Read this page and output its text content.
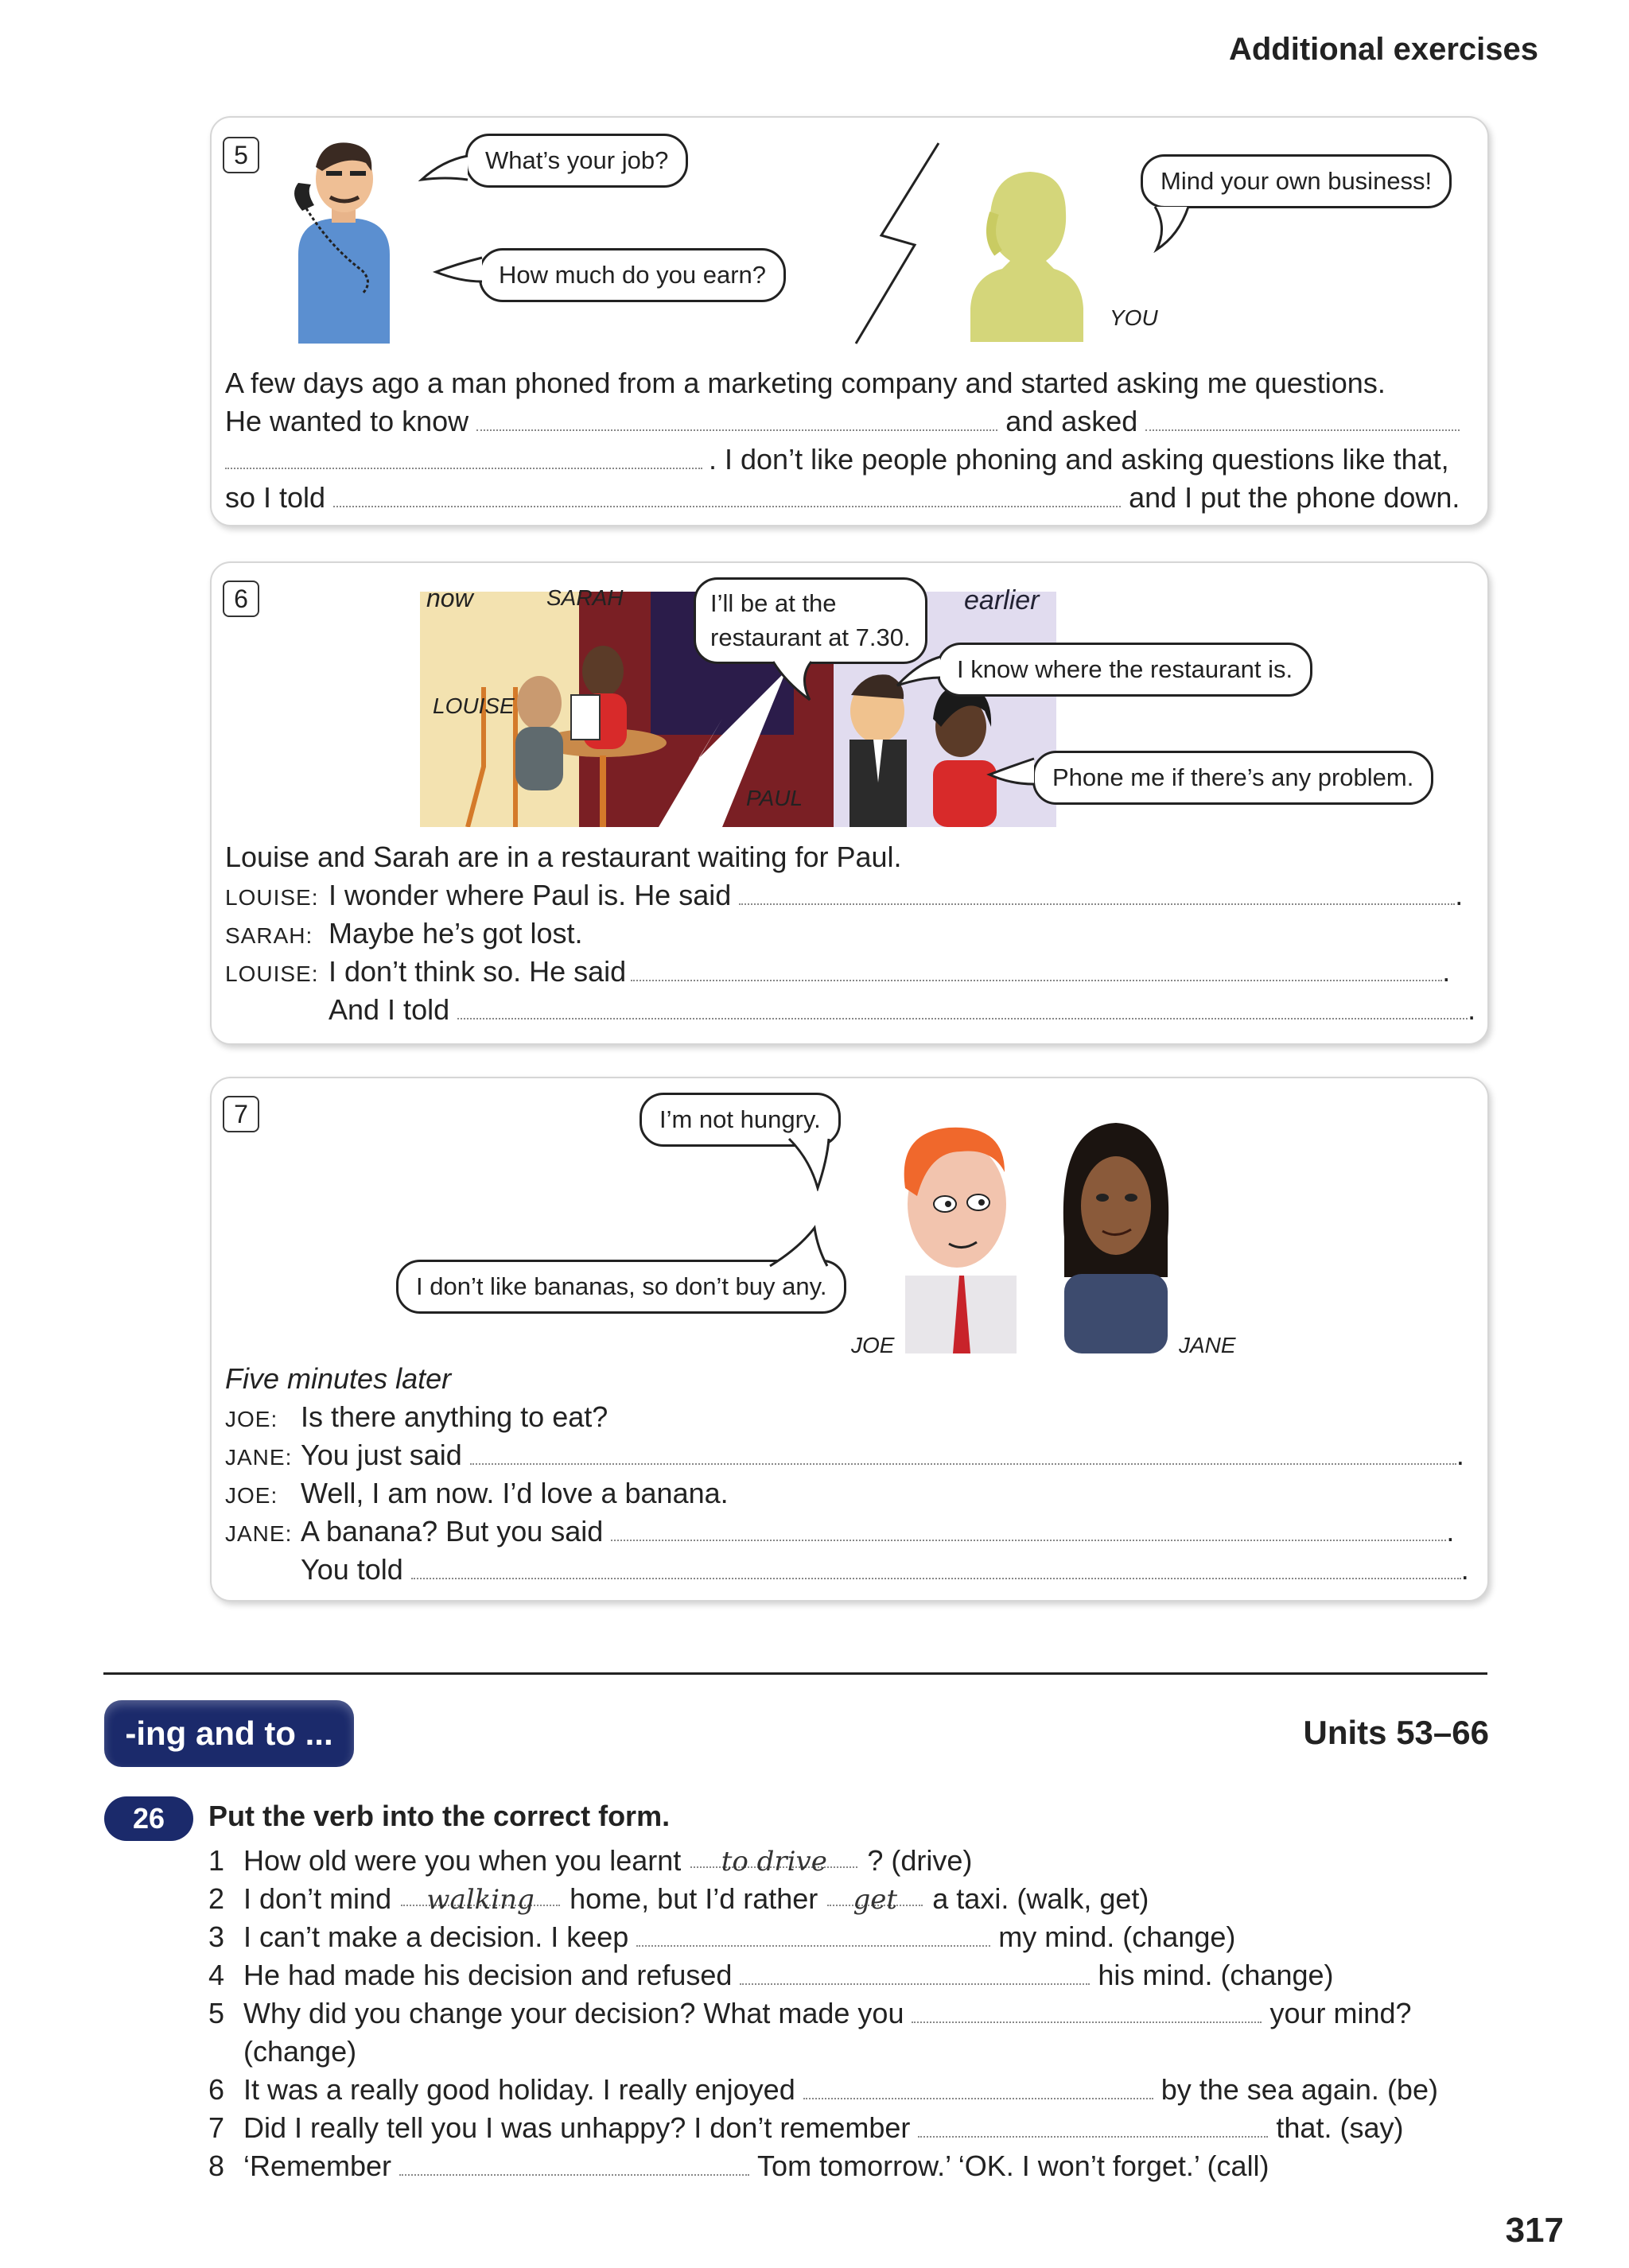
Additional exercises
5	What’s your job?
How much do you earn?
YOU
Mind your own business!
A few days ago a man phoned from a marketing company and started asking me questions.
He wanted to know	and asked
. I don’t like people phoning and asking questions like that,
so I told	and I put the phone down.
6	now	SARAH
LOUISE
PAUL
earlier
I’ll be at the
restaurant at 7.30.
I know where the restaurant is.
Phone me if there’s any problem.
Louise and Sarah are in a restaurant waiting for Paul.
LOUISE: I wonder where Paul is. He said	.
SARAH: Maybe he’s got lost.
LOUISE: I don’t think so. He said	.
And I told	.
7	I’m not hungry.
I don’t like bananas, so don’t buy any.
JOE	JANE
Five minutes later
JOE: Is there anything to eat?
JANE: You just said	.
JOE: Well, I am now. I’d love a banana.
JANE: A banana? But you said	.
You told	.
-ing and to ...	Units 53–66
26	Put the verb into the correct form.
1 How old were you when you learnt	to drive	? (drive)
2 I don’t mind	walking	home, but I’d rather	get	a taxi. (walk, get)
3 I can’t make a decision. I keep	my mind. (change)
4 He had made his decision and refused	his mind. (change)
5 Why did you change your decision? What made you	your mind?
(change)
6 It was a really good holiday. I really enjoyed	by the sea again. (be)
7 Did I really tell you I was unhappy? I don’t remember	that. (say)
8 ‘Remember	Tom tomorrow.’ ‘OK. I won’t forget.’ (call)
317
